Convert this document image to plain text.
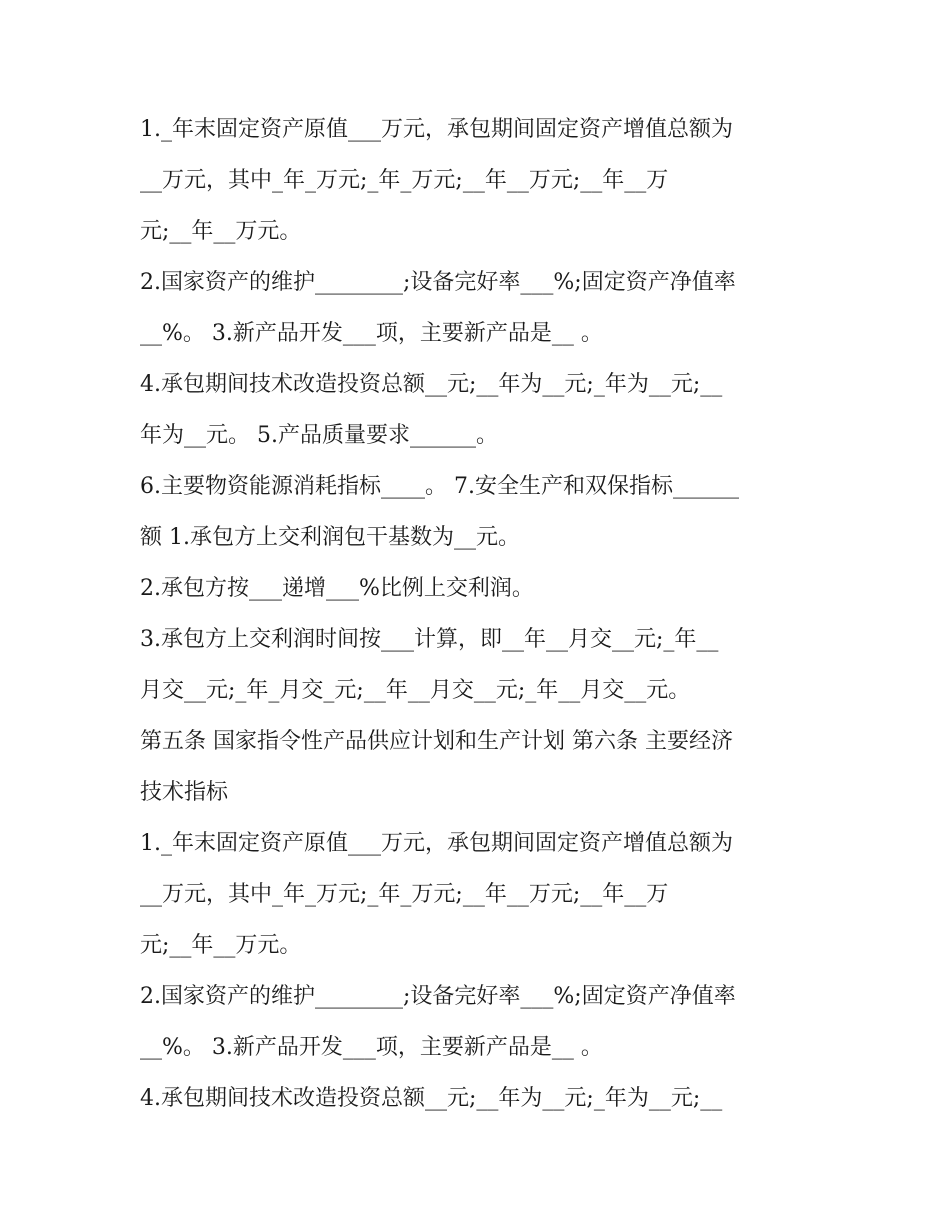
1._年末固定资产原值___万元，承包期间固定资产增值总额为
__万元，其中_年_万元;_年_万元;__年__万元;__年__万
元;__年__万元。
2.国家资产的维护________;设备完好率___%;固定资产净值率
__%。 3.新产品开发___项，主要新产品是__ 。
4.承包期间技术改造投资总额__元;__年为__元;_年为__元;__
年为__元。 5.产品质量要求______。
6.主要物资能源消耗指标____。 7.安全生产和双保指标______
额 1.承包方上交利润包干基数为__元。
2.承包方按___递增___%比例上交利润。
3.承包方上交利润时间按___计算，即__年__月交__元;_年__
月交__元;_年_月交_元;__年__月交__元;_年__月交__元。
第五条 国家指令性产品供应计划和生产计划 第六条 主要经济
技术指标
1._年末固定资产原值___万元，承包期间固定资产增值总额为
__万元，其中_年_万元;_年_万元;__年__万元;__年__万
元;__年__万元。
2.国家资产的维护________;设备完好率___%;固定资产净值率
__%。 3.新产品开发___项，主要新产品是__ 。
4.承包期间技术改造投资总额__元;__年为__元;_年为__元;__
